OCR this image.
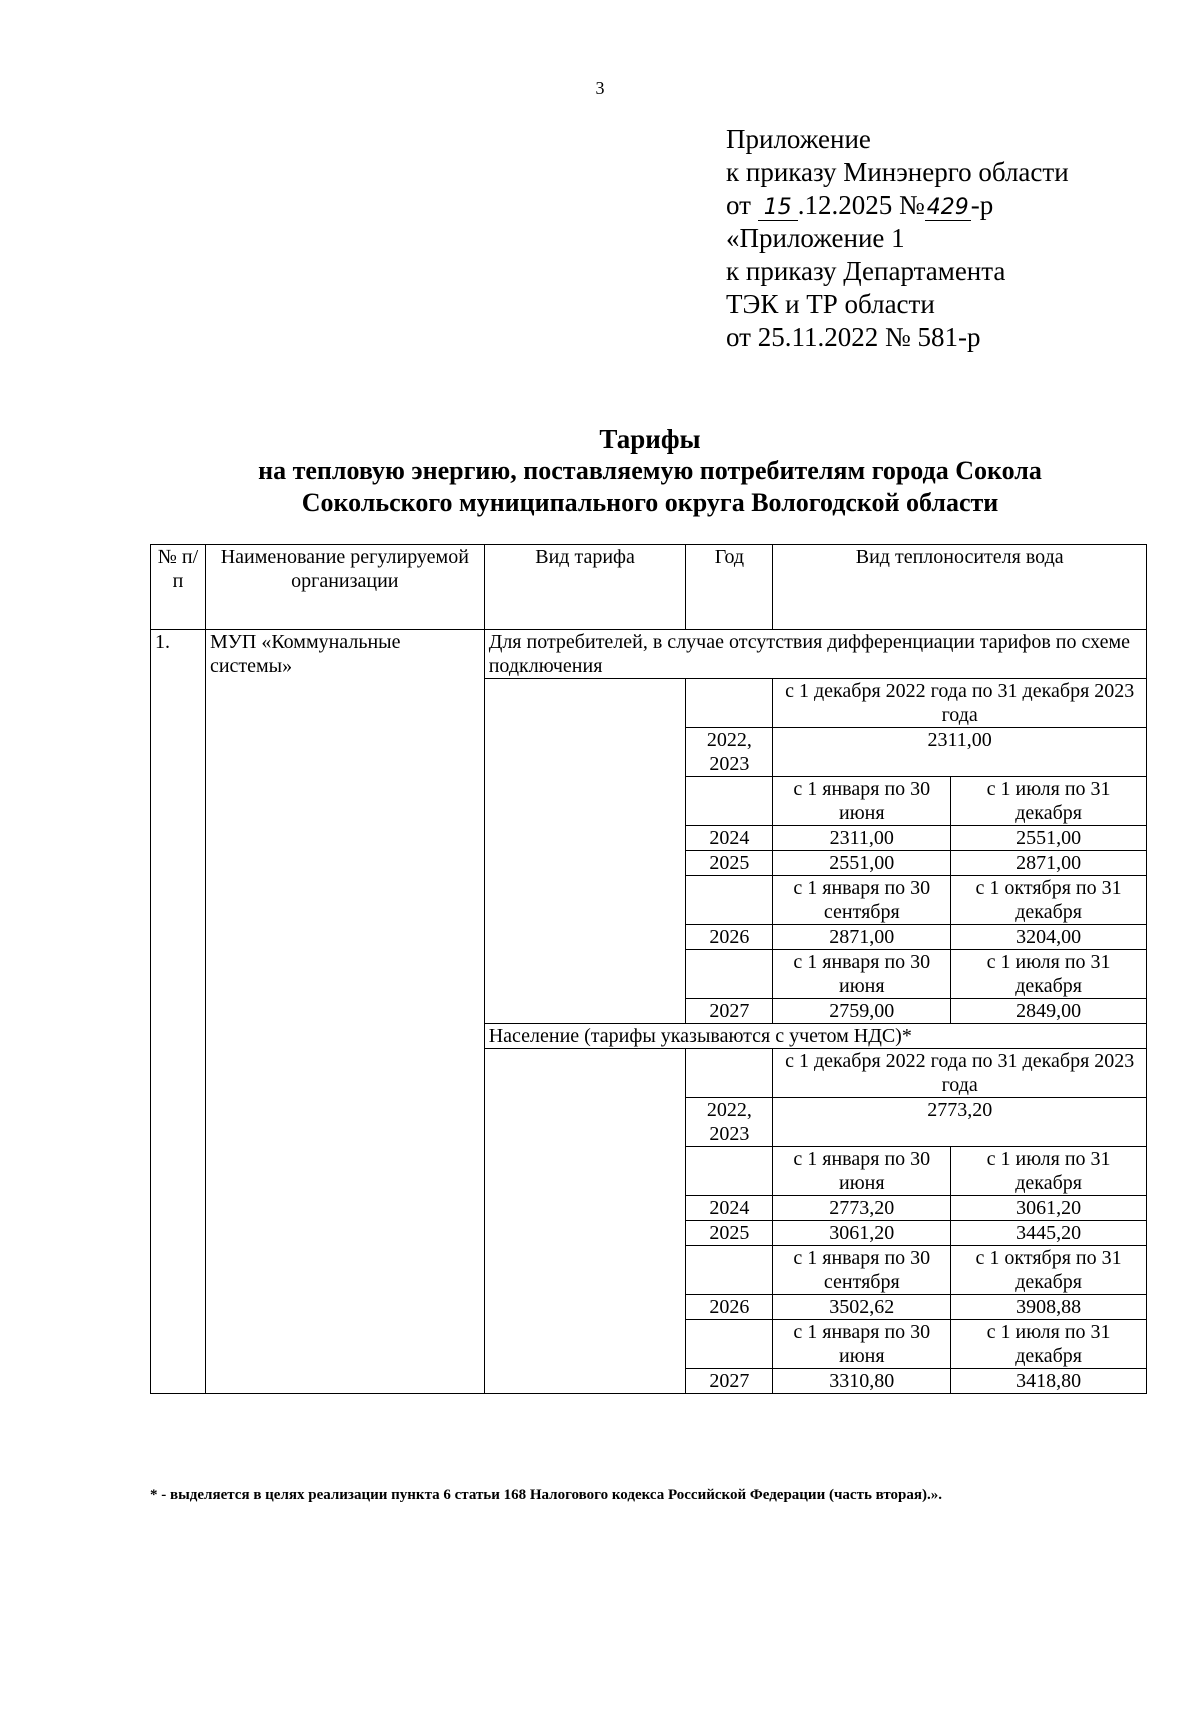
3
Приложение
к приказу Минэнерго области
от 15 .12.2025 №429-р
«Приложение 1
к приказу Департамента
ТЭК и ТР области
от 25.11.2022 № 581-р
Тарифы
на тепловую энергию, поставляемую потребителям города Сокола
Сокольского муниципального округа Вологодской области
№ п/п	Наименование регулируемой организации	Вид тарифа	Год	Вид теплоносителя вода	
1.	МУП «Коммунальные системы»	Для потребителей, в случае отсутствия дифференциации тарифов по схеме подключения			
				с 1 декабря 2022 года по 31 декабря 2023 года	
			2022, 2023	2311,00	
				с 1 января по 30 июня	с 1 июля по 31 декабря
			2024	2311,00	2551,00
			2025	2551,00	2871,00
				с 1 января по 30 сентября	с 1 октября по 31 декабря
			2026	2871,00	3204,00
				с 1 января по 30 июня	с 1 июля по 31 декабря
			2027	2759,00	2849,00
		Население (тарифы указываются с учетом НДС)*			
				с 1 декабря 2022 года по 31 декабря 2023 года	
			2022, 2023	2773,20	
				с 1 января по 30 июня	с 1 июля по 31 декабря
			2024	2773,20	3061,20
			2025	3061,20	3445,20
				с 1 января по 30 сентября	с 1 октября по 31 декабря
			2026	3502,62	3908,88
				с 1 января по 30 июня	с 1 июля по 31 декабря
			2027	3310,80	3418,80
* - выделяется в целях реализации пункта 6 статьи 168 Налогового кодекса Российской Федерации (часть вторая).».
